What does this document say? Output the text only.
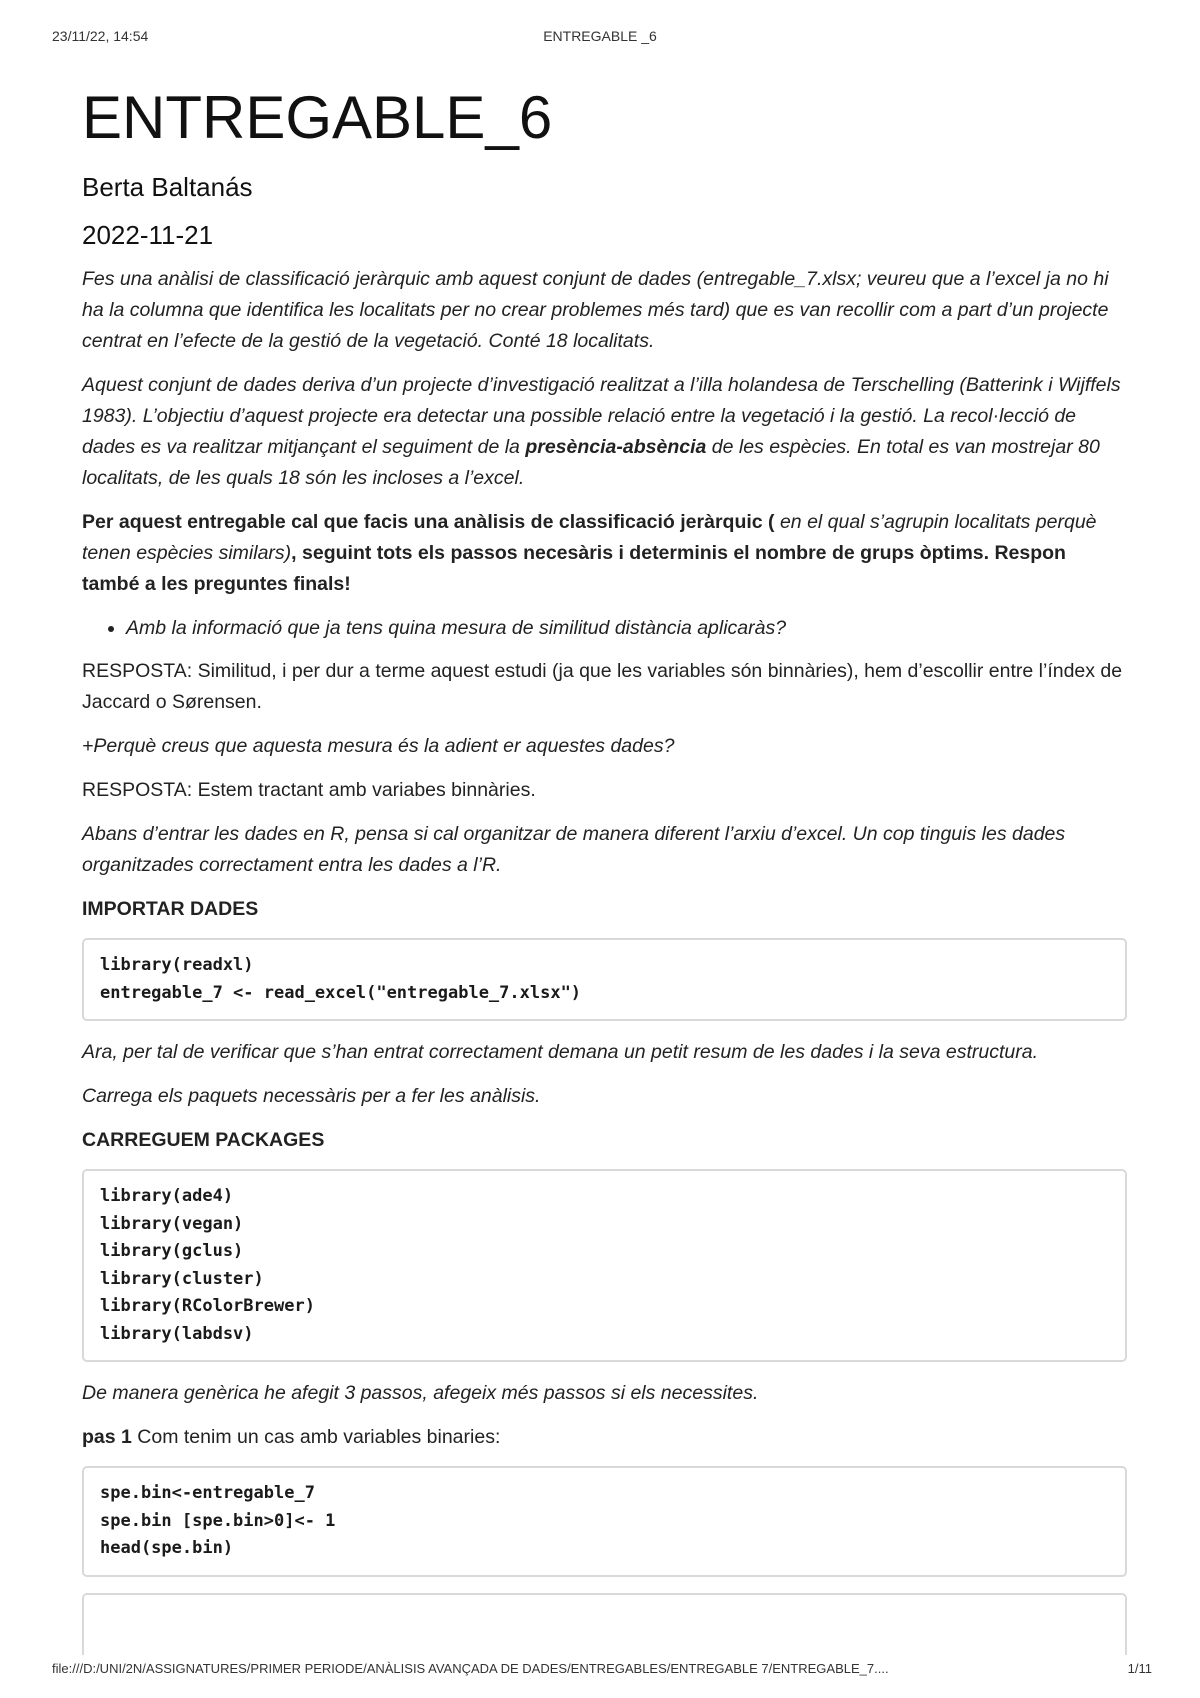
23/11/22, 14:54	ENTREGABLE _6
ENTREGABLE_6
Berta Baltanás
2022-11-21

Fes una anàlisi de classificació jeràrquic amb aquest conjunt de dades (entregable_7.xlsx; veureu que a l’excel ja no hi ha la columna que identifica les localitats per no crear problemes més tard) que es van recollir com a part d’un projecte centrat en l’efecte de la gestió de la vegetació. Conté 18 localitats.

Aquest conjunt de dades deriva d’un projecte d’investigació realitzat a l’illa holandesa de Terschelling (Batterink i Wijffels 1983). L’objectiu d’aquest projecte era detectar una possible relació entre la vegetació i la gestió. La recol·lecció de dades es va realitzar mitjançant el seguiment de la presència-absència de les espècies. En total es van mostrejar 80 localitats, de les quals 18 són les incloses a l’excel.

Per aquest entregable cal que facis una anàlisis de classificació jeràrquic ( en el qual s’agrupin localitats perquè tenen espècies similars), seguint tots els passos necesàris i determinis el nombre de grups òptims. Respon també a les preguntes finals!

• Amb la informació que ja tens quina mesura de similitud distància aplicaràs?

RESPOSTA: Similitud, i per dur a terme aquest estudi (ja que les variables són binnàries), hem d’escollir entre l’índex de Jaccard o Sørensen.

+Perquè creus que aquesta mesura és la adient er aquestes dades?

RESPOSTA: Estem tractant amb variabes binnàries.

Abans d’entrar les dades en R, pensa si cal organitzar de manera diferent l’arxiu d’excel. Un cop tinguis les dades organitzades correctament entra les dades a l’R.

IMPORTAR DADES
library(readxl)
entregable_7 <- read_excel("entregable_7.xlsx")

Ara, per tal de verificar que s’han entrat correctament demana un petit resum de les dades i la seva estructura.

Carrega els paquets necessàris per a fer les anàlisis.

CARREGUEM PACKAGES
library(ade4)
library(vegan)
library(gclus)
library(cluster)
library(RColorBrewer)
library(labdsv)

De manera genèrica he afegit 3 passos, afegeix més passos si els necessites.

pas 1 Com tenim un cas amb variables binaries:

spe.bin<-entregable_7
spe.bin [spe.bin>0]<- 1
head(spe.bin)
file:///D:/UNI/2N/ASSIGNATURES/PRIMER PERIODE/ANÀLISIS AVANÇADA DE DADES/ENTREGABLES/ENTREGABLE 7/ENTREGABLE_7....	1/11
